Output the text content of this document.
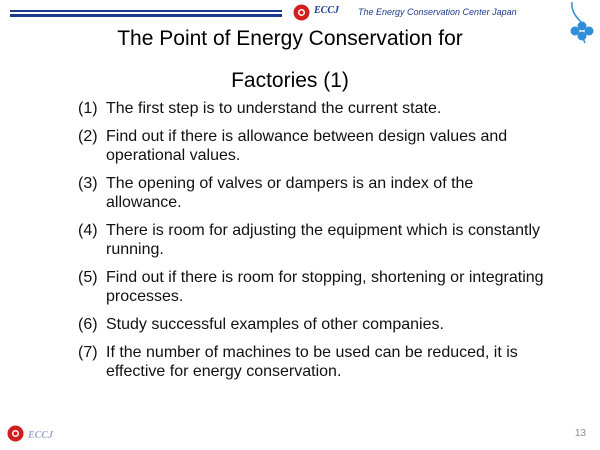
ECCJ The Energy Conservation Center Japan
The Point of Energy Conservation for
Factories (1)
(1) The first step is to understand the current state.
(2) Find out if there is allowance between design values and operational values.
(3) The opening of valves or dampers is an index of the allowance.
(4) There is room for adjusting the equipment which is constantly running.
(5) Find out if there is room for stopping, shortening or integrating processes.
(6) Study successful examples of other companies.
(7) If the number of machines to be used can be reduced, it is effective for energy conservation.
ECCJ	13
